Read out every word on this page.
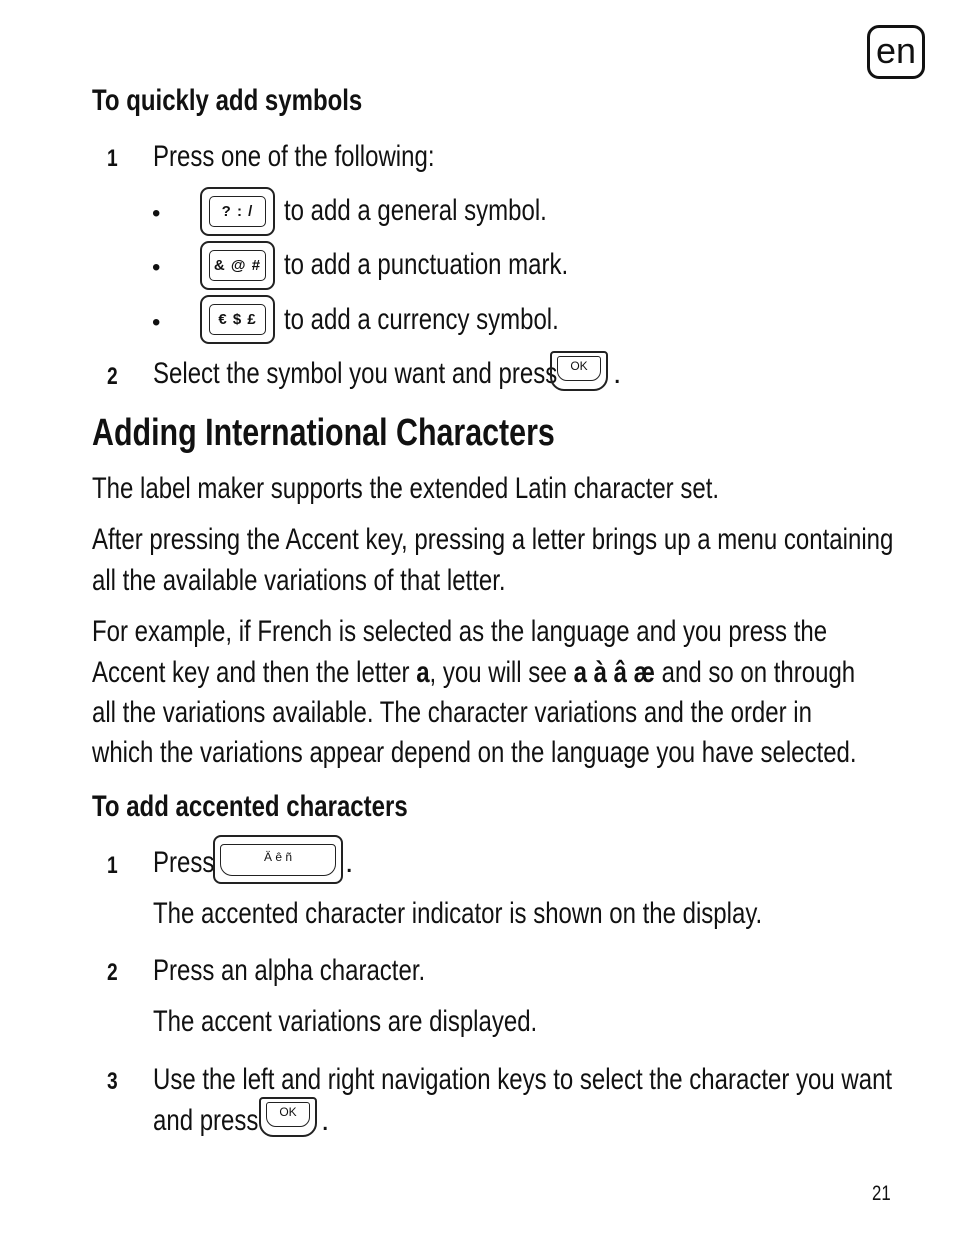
en
To quickly add symbols
1 Press one of the following:
•	? : /	to add a general symbol.
•	& @ # to add a punctuation mark.
•	€ $ £ to add a currency symbol.
2 Select the symbol you want and press	OK .
Adding International Characters
The label maker supports the extended Latin character set.
After pressing the Accent key, pressing a letter brings up a menu containing
all the available variations of that letter.
For example, if French is selected as the language and you press the
Accent key and then the letter a, you will see a à â æ and so on through
all the variations available. The character variations and the order in
which the variations appear depend on the language you have selected.
To add accented characters
1 Press	Ä ê ñ	.
The accented character indicator is shown on the display.
2 Press an alpha character.
The accent variations are displayed.
3 Use the left and right navigation keys to select the character you want
and press	OK .
21
